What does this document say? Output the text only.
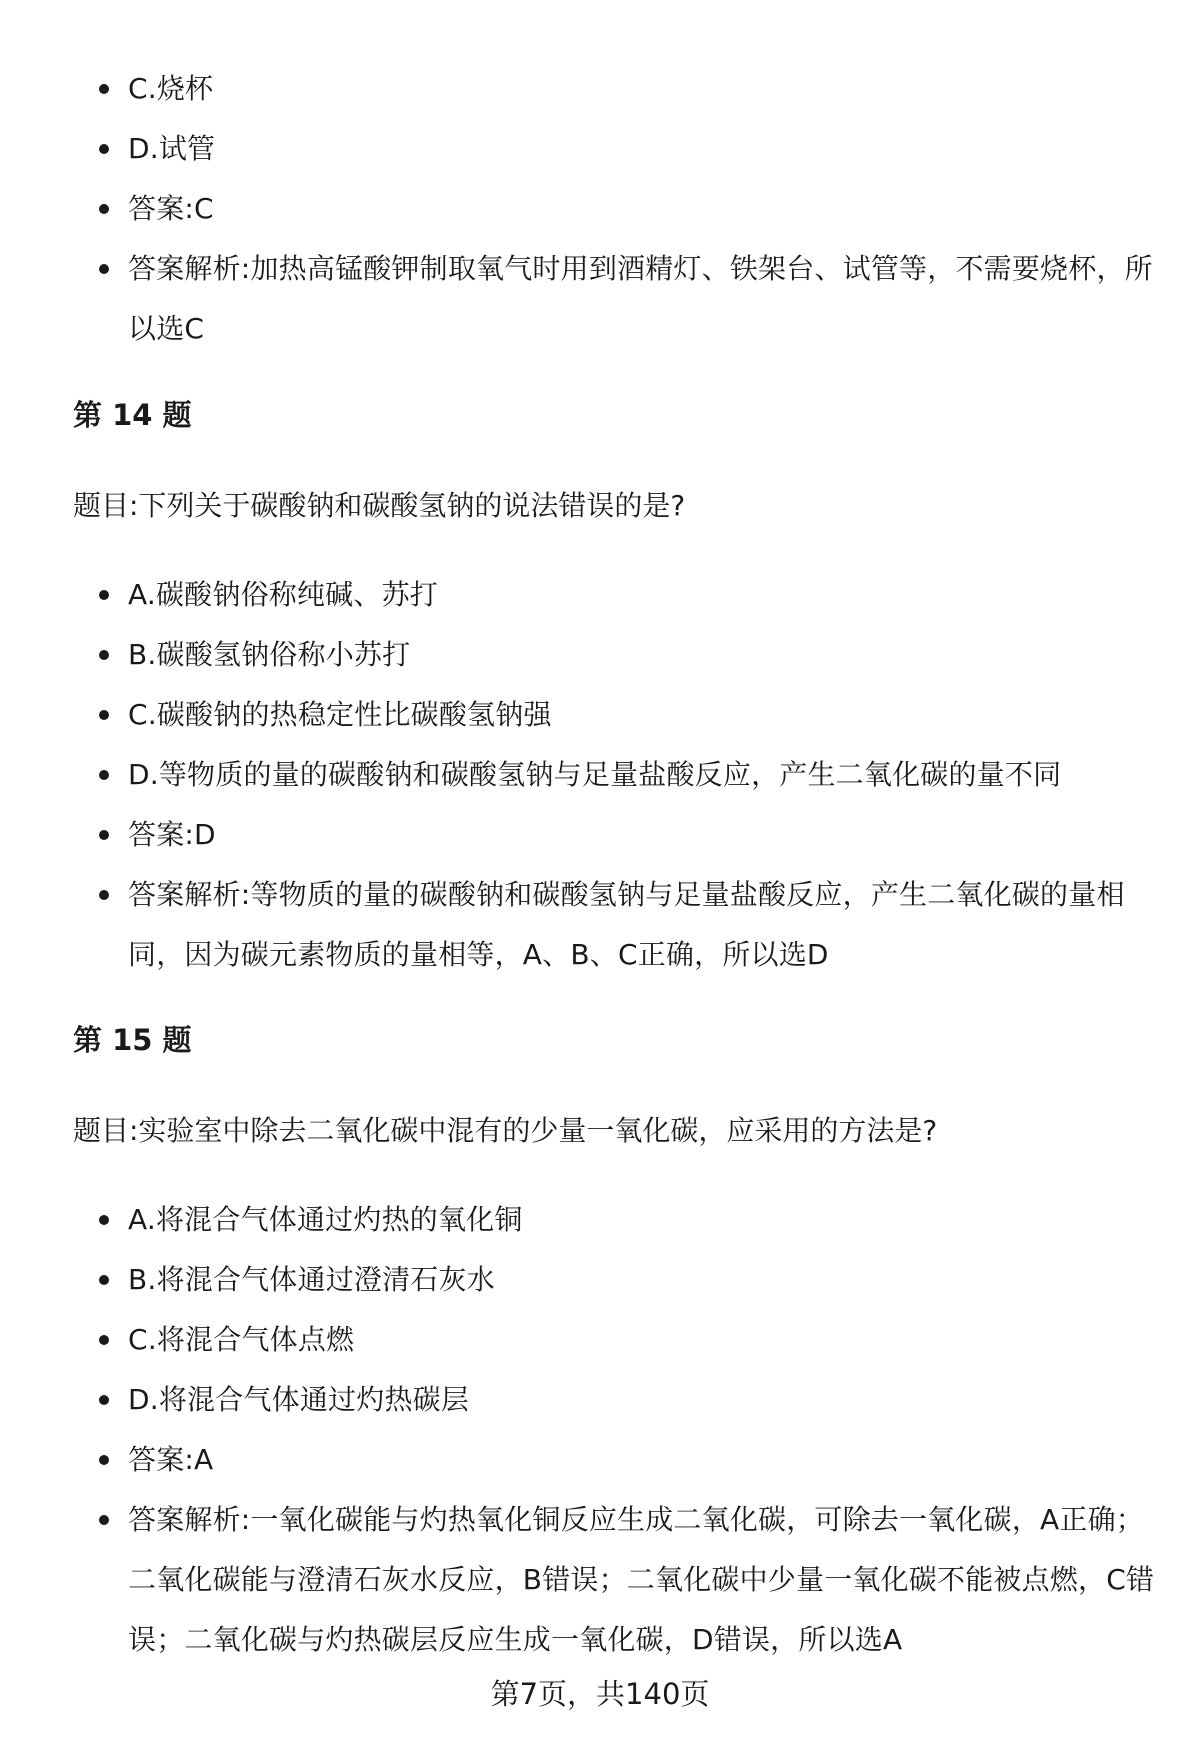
C.烧杯
D.试管
答案:C
答案解析:加热高锰酸钾制取氧气时用到酒精灯、铁架台、试管等，不需要烧杯，所以选C
第 14 题

题目:下列关于碳酸钠和碳酸氢钠的说法错误的是?

A.碳酸钠俗称纯碱、苏打
B.碳酸氢钠俗称小苏打
C.碳酸钠的热稳定性比碳酸氢钠强
D.等物质的量的碳酸钠和碳酸氢钠与足量盐酸反应，产生二氧化碳的量不同
答案:D
答案解析:等物质的量的碳酸钠和碳酸氢钠与足量盐酸反应，产生二氧化碳的量相同，因为碳元素物质的量相等，A、B、C正确，所以选D
第 15 题

题目:实验室中除去二氧化碳中混有的少量一氧化碳，应采用的方法是?

A.将混合气体通过灼热的氧化铜
B.将混合气体通过澄清石灰水
C.将混合气体点燃
D.将混合气体通过灼热碳层
答案:A
答案解析:一氧化碳能与灼热氧化铜反应生成二氧化碳，可除去一氧化碳，A正确；二氧化碳能与澄清石灰水反应，B错误；二氧化碳中少量一氧化碳不能被点燃，C错误；二氧化碳与灼热碳层反应生成一氧化碳，D错误，所以选A
第7页，共140页
